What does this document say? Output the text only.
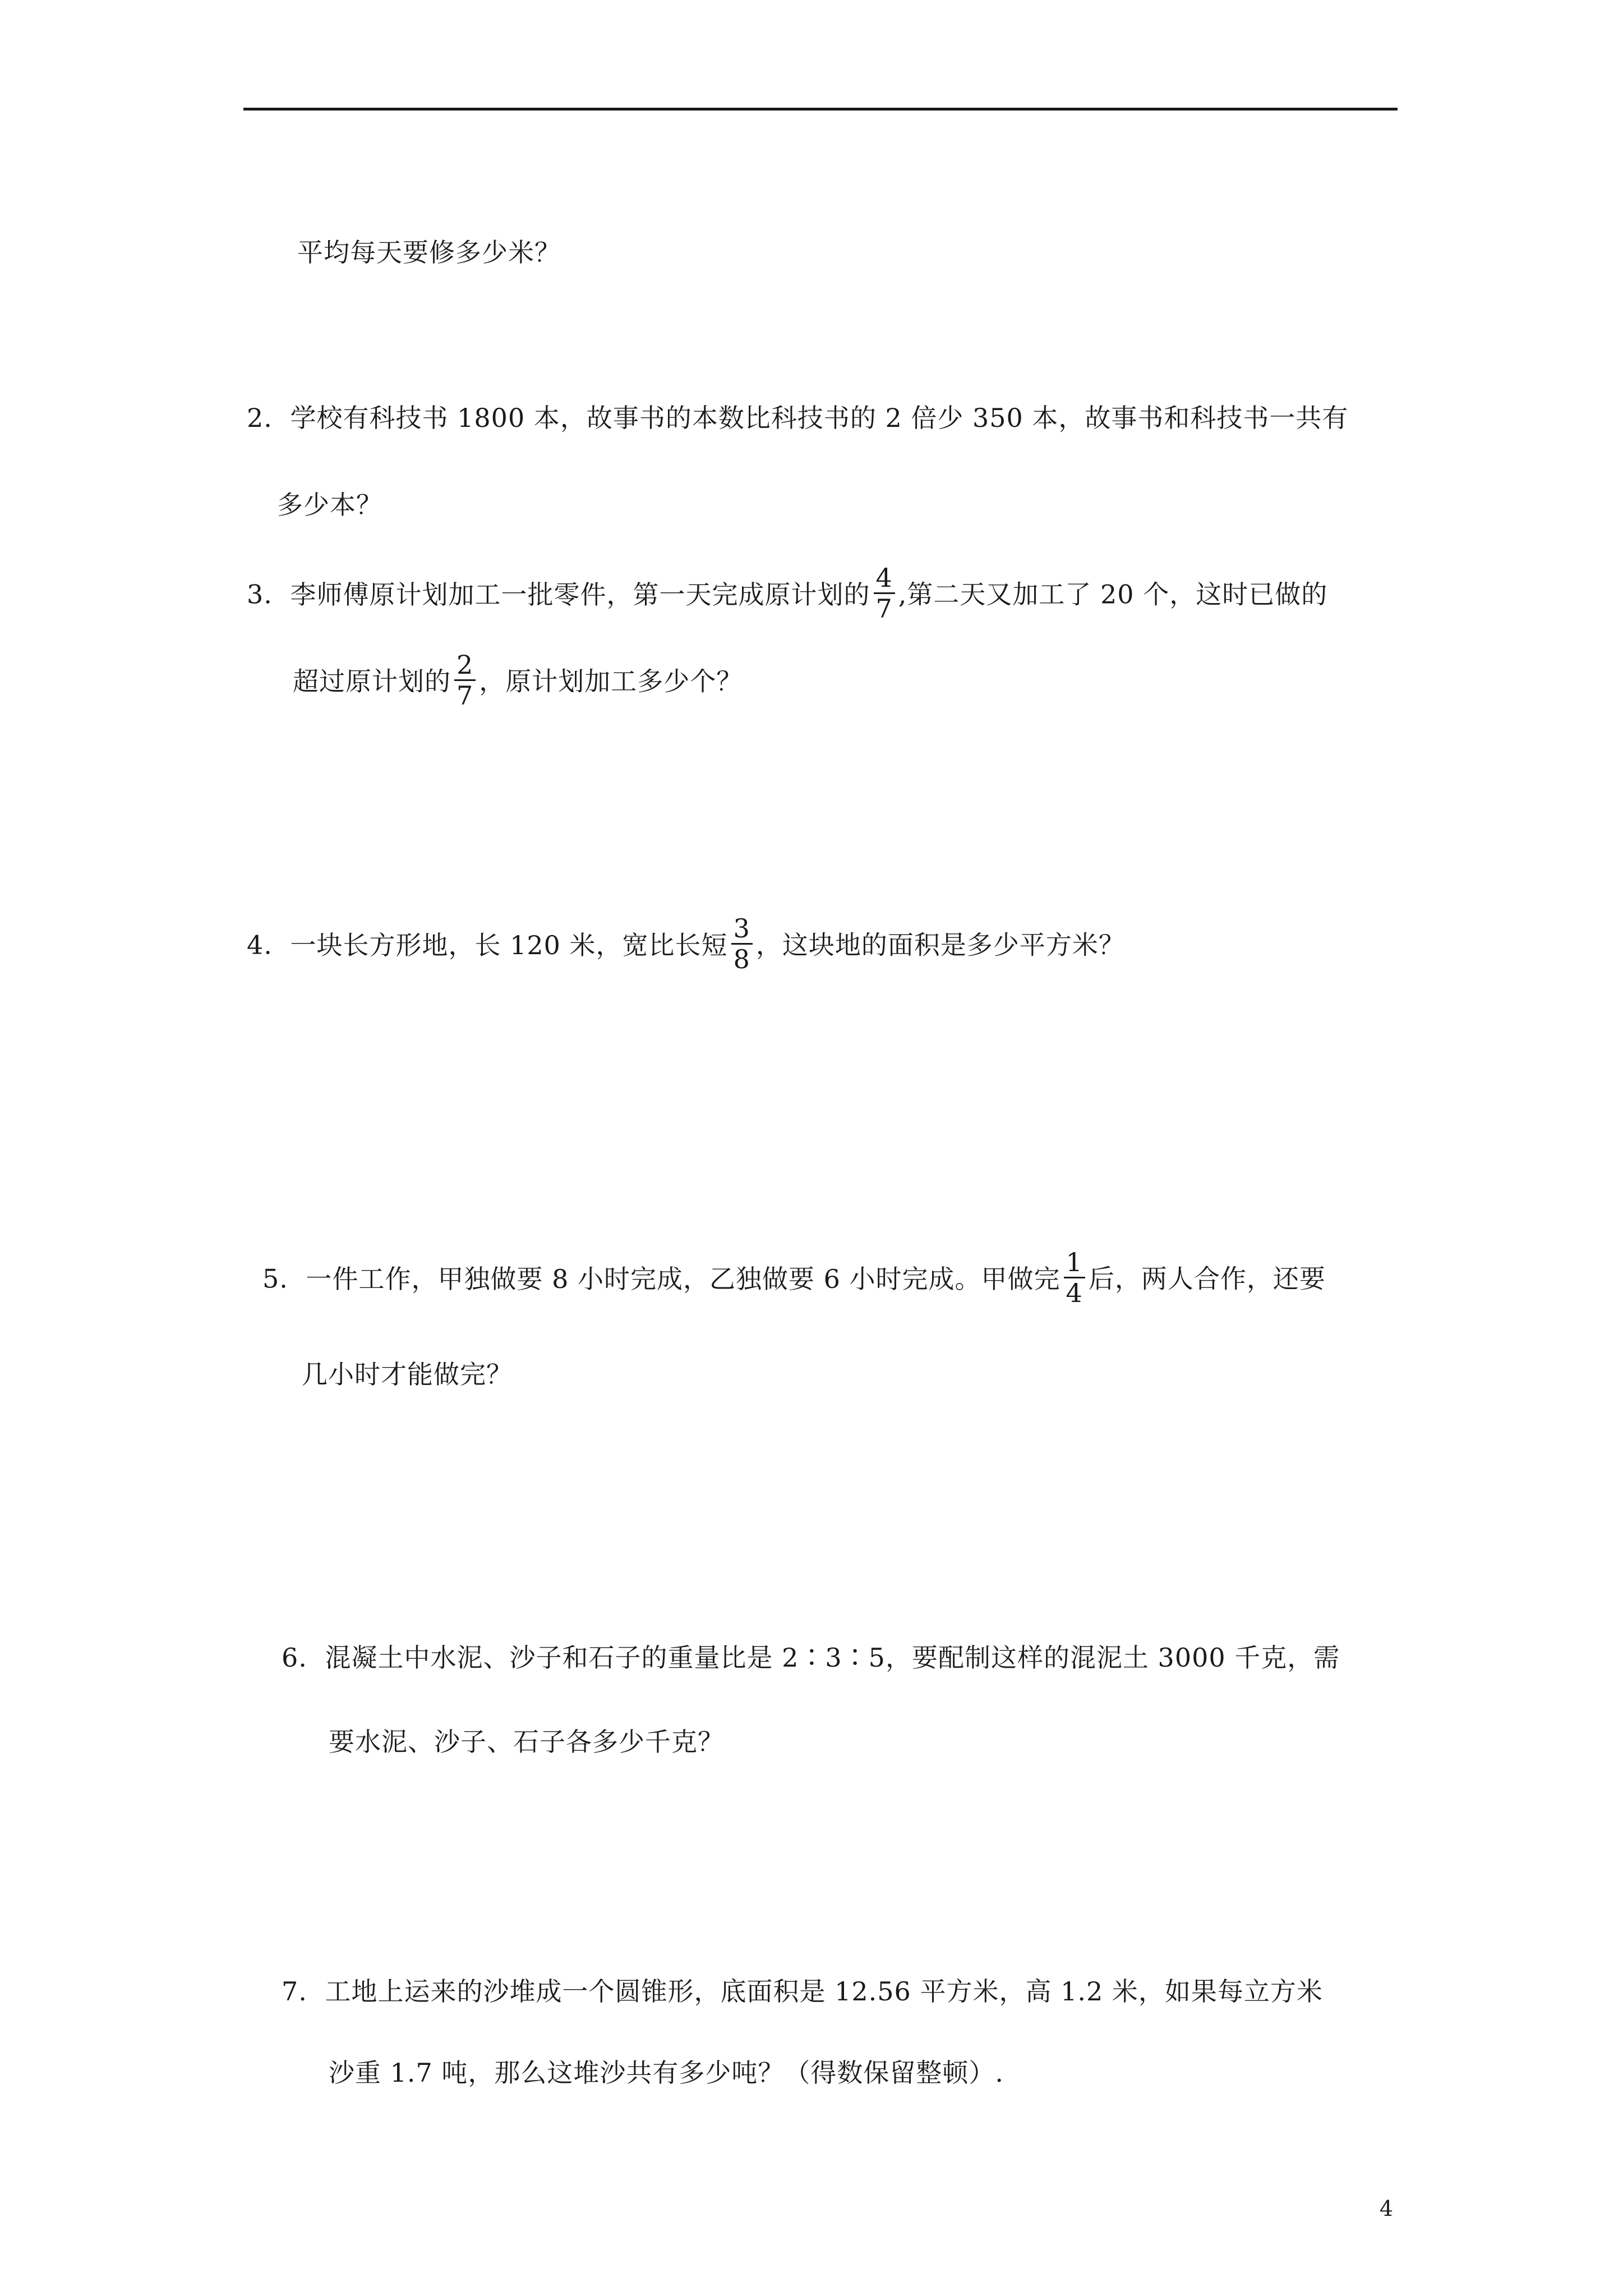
平均每天要修多少米？
2. 学校有科技书 1800 本，故事书的本数比科技书的 2 倍少 350 本，故事书和科技书一共有
多少本？
3. 李师傅原计划加工一批零件，第一天完成原计划的 $\frac{4}{7}$ ,第二天又加工了 20 个，这时已做的
超过原计划的 $\frac{2}{7}$ ，原计划加工多少个？
4. 一块长方形地，长 120 米，宽比长短 $\frac{3}{8}$ ，这块地的面积是多少平方米？
5. 一件工作，甲独做要 8 小时完成，乙独做要 6 小时完成。甲做完 $\frac{1}{4}$ 后，两人合作，还要
几小时才能做完？
6. 混凝土中水泥、沙子和石子的重量比是 2∶3∶5，要配制这样的混泥土 3000 千克，需
要水泥、沙子、石子各多少千克？
7. 工地上运来的沙堆成一个圆锥形，底面积是 12.56 平方米，高 1.2 米，如果每立方米
沙重 1.7 吨，那么这堆沙共有多少吨？（得数保留整顿）.
4
